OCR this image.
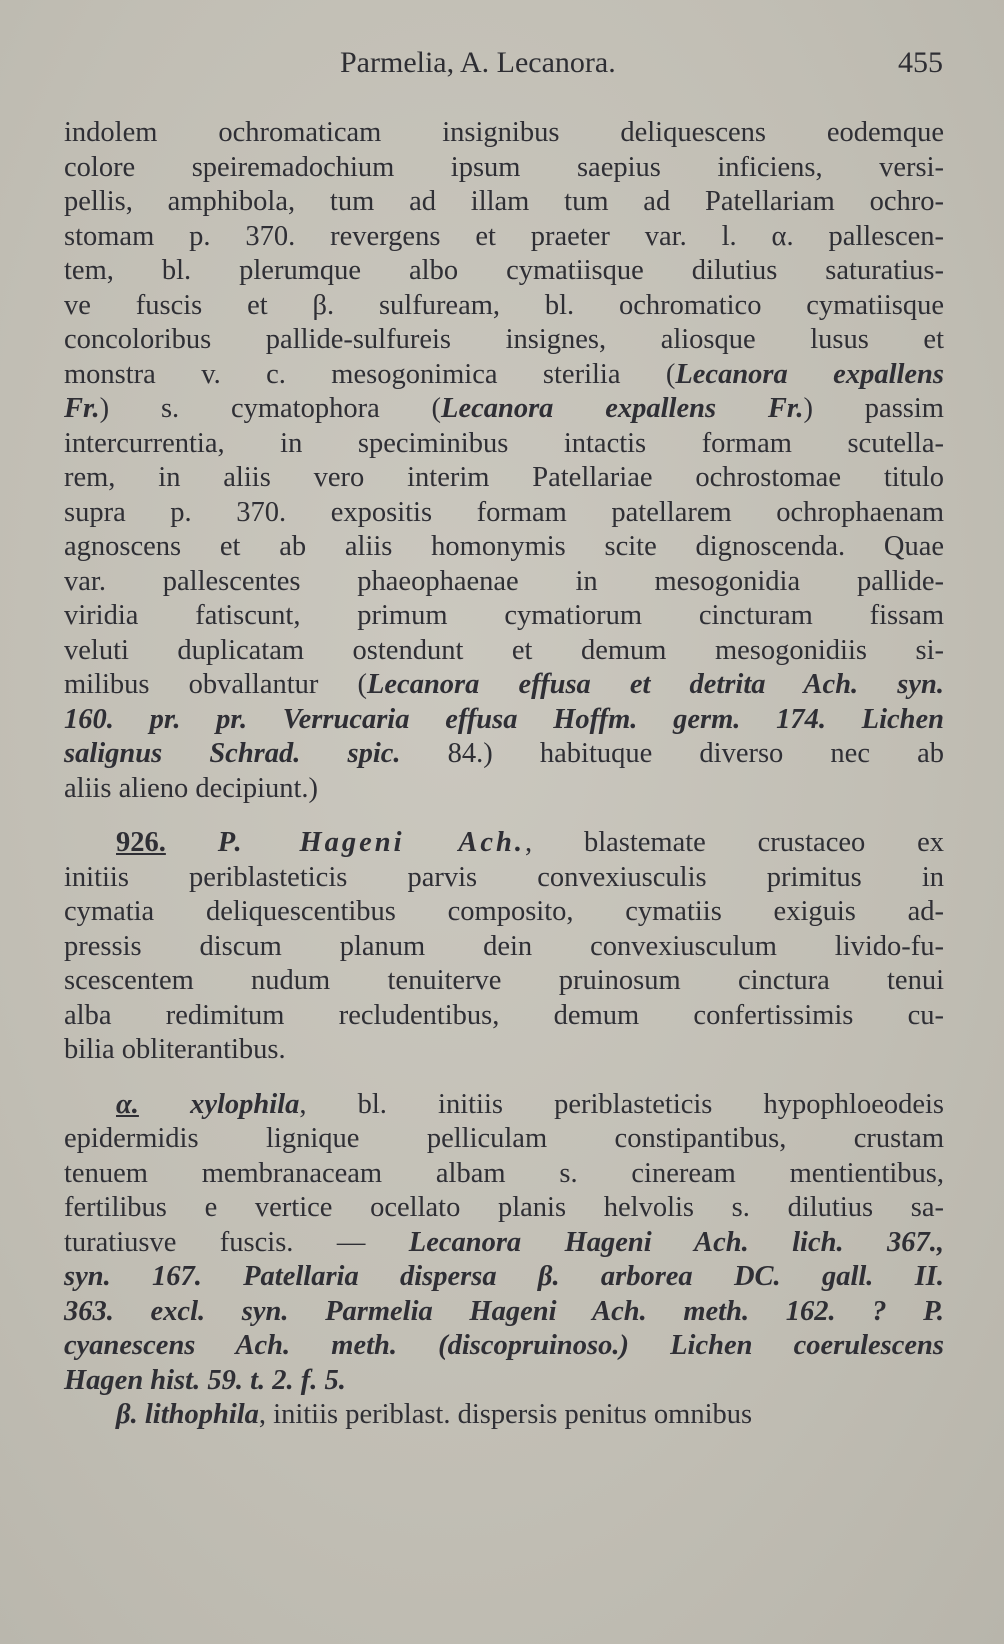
Parmelia, A. Lecanora.	455
indolem ochromaticam insignibus deliquescens eodemque
colore speiremadochium ipsum saepius inficiens, versi-
pellis, amphibola, tum ad illam tum ad Patellariam ochro-
stomam p. 370. revergens et praeter var. l. α. pallescen-
tem, bl. plerumque albo cymatiisque dilutius saturatius-
ve fuscis et β. sulfuream, bl. ochromatico cymatiisque
concoloribus pallide-sulfureis insignes, aliosque lusus et
monstra v. c. mesogonimica sterilia (Lecanora expallens
Fr.) s. cymatophora (Lecanora expallens Fr.) passim
intercurrentia, in speciminibus intactis formam scutella-
rem, in aliis vero interim Patellariae ochrostomae titulo
supra p. 370. expositis formam patellarem ochrophaenam
agnoscens et ab aliis homonymis scite dignoscenda. Quae
var. pallescentes phaeophaenae in mesogonidia pallide-
viridia fatiscunt, primum cymatiorum cincturam fissam
veluti duplicatam ostendunt et demum mesogonidiis si-
milibus obvallantur (Lecanora effusa et detrita Ach. syn.
160. pr. pr. Verrucaria effusa Hoffm. germ. 174. Lichen
salignus Schrad. spic. 84.) habituque diverso nec ab
aliis alieno decipiunt.)
926. P. Hageni Ach., blastemate crustaceo ex
initiis periblasteticis parvis convexiusculis primitus in
cymatia deliquescentibus composito, cymatiis exiguis ad-
pressis discum planum dein convexiusculum livido-fu-
scescentem nudum tenuiterve pruinosum cinctura tenui
alba redimitum recludentibus, demum confertissimis cu-
bilia obliterantibus.
α. xylophila, bl. initiis periblasteticis hypophloeodeis
epidermidis lignique pelliculam constipantibus, crustam
tenuem membranaceam albam s. cineream mentientibus,
fertilibus e vertice ocellato planis helvolis s. dilutius sa-
turatiusve fuscis. — Lecanora Hageni Ach. lich. 367.,
syn. 167. Patellaria dispersa β. arborea DC. gall. II.
363. excl. syn. Parmelia Hageni Ach. meth. 162. ? P.
cyanescens Ach. meth. (discopruinoso.) Lichen coerulescens
Hagen hist. 59. t. 2. f. 5.
β. lithophila, initiis periblast. dispersis penitus omnibus
